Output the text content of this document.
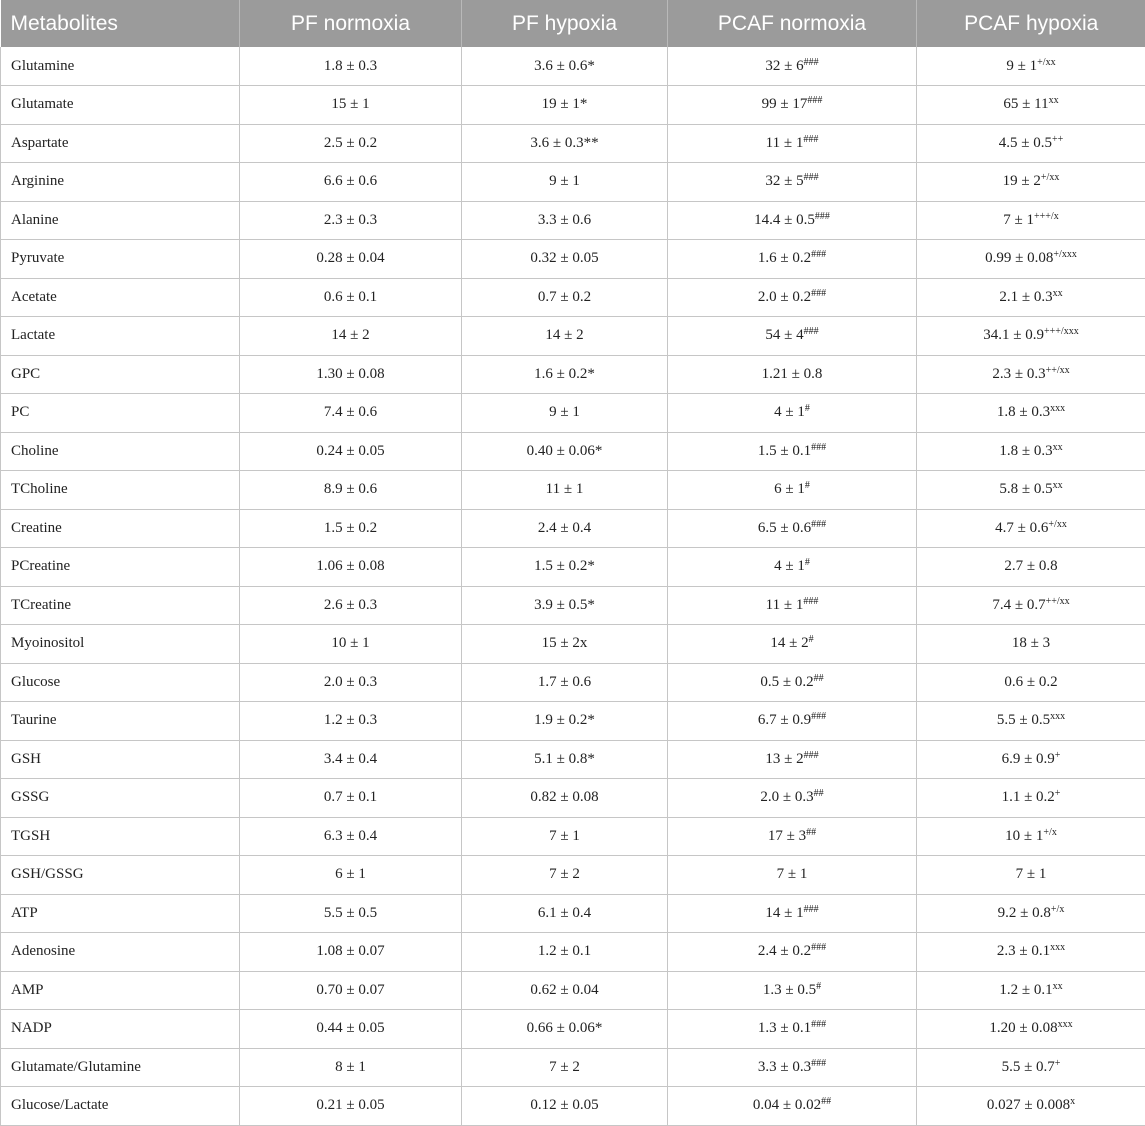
Metabolites	PF normoxia	PF hypoxia	PCAF normoxia	PCAF hypoxia
Glutamine	1.8 ± 0.3	3.6 ± 0.6*	32 ± 6###	$9 \pm 1^{+/xx}$
Glutamate	15 ± 1	19 ± 1*	99 ± 17###	$65 \pm 11^{xx}$
Aspartate	2.5 ± 0.2	3.6 ± 0.3**	11 ± 1###	4.5 ± 0.5++
Arginine	6.6 ± 0.6	9 ± 1	32 ± 5###	$19 \pm 2^{+/xx}$
Alanine	2.3 ± 0.3	3.3 ± 0.6	14.4 ± 0.5###	$7 \pm 1^{+++/x}$
Pyruvate	0.28 ± 0.04	0.32 ± 0.05	1.6 ± 0.2###	$0.99 \pm 0.08^{+/xxx}$
Acetate	0.6 ± 0.1	0.7 ± 0.2	2.0 ± 0.2###	$2.1 \pm 0.3^{xx}$
Lactate	14 ± 2	14 ± 2	54 ± 4###	$34.1 \pm 0.9^{+++/xxx}$
GPC	1.30 ± 0.08	1.6 ± 0.2*	1.21 ± 0.8	$2.3 \pm 0.3^{++/xx}$
PC	7.4 ± 0.6	9 ± 1	4 ± 1#	$1.8 \pm 0.3^{xxx}$
Choline	0.24 ± 0.05	0.40 ± 0.06*	1.5 ± 0.1###	$1.8 \pm 0.3^{xx}$
TCholine	8.9 ± 0.6	11 ± 1	6 ± 1#	$5.8 \pm 0.5^{xx}$
Creatine	1.5 ± 0.2	2.4 ± 0.4	6.5 ± 0.6###	$4.7 \pm 0.6^{+/xx}$
PCreatine	1.06 ± 0.08	1.5 ± 0.2*	4 ± 1#	2.7 ± 0.8
TCreatine	2.6 ± 0.3	3.9 ± 0.5*	11 ± 1###	$7.4 \pm 0.7^{++/xx}$
Myoinositol	10 ± 1	15 ± 2x	14 ± 2#	18 ± 3
Glucose	2.0 ± 0.3	1.7 ± 0.6	0.5 ± 0.2##	0.6 ± 0.2
Taurine	1.2 ± 0.3	1.9 ± 0.2*	6.7 ± 0.9###	$5.5 \pm 0.5^{xxx}$
GSH	3.4 ± 0.4	5.1 ± 0.8*	13 ± 2###	6.9 ± 0.9+
GSSG	0.7 ± 0.1	0.82 ± 0.08	2.0 ± 0.3##	1.1 ± 0.2+
TGSH	6.3 ± 0.4	7 ± 1	17 ± 3##	$10 \pm 1^{+/x}$
GSH/GSSG	6 ± 1	7 ± 2	7 ± 1	7 ± 1
ATP	5.5 ± 0.5	6.1 ± 0.4	14 ± 1###	$9.2 \pm 0.8^{+/x}$
Adenosine	1.08 ± 0.07	1.2 ± 0.1	2.4 ± 0.2###	$2.3 \pm 0.1^{xxx}$
AMP	0.70 ± 0.07	0.62 ± 0.04	1.3 ± 0.5#	$1.2 \pm 0.1^{xx}$
NADP	0.44 ± 0.05	0.66 ± 0.06*	1.3 ± 0.1###	$1.20 \pm 0.08^{xxx}$
Glutamate/Glutamine	8 ± 1	7 ± 2	3.3 ± 0.3###	5.5 ± 0.7+
Glucose/Lactate	0.21 ± 0.05	0.12 ± 0.05	0.04 ± 0.02##	$0.027 \pm 0.008^x$
